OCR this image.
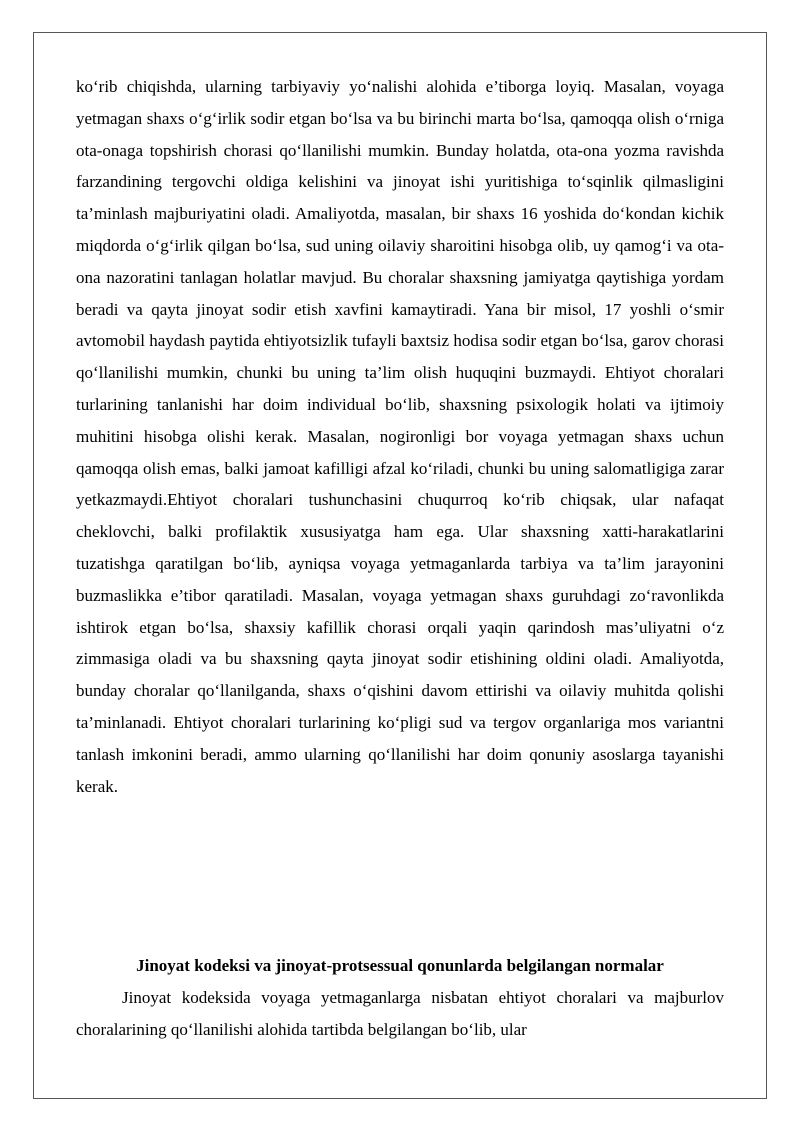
ko‘rib chiqishda, ularning tarbiyaviy yo‘nalishi alohida e’tiborga loyiq. Masalan, voyaga yetmagan shaxs o‘g‘irlik sodir etgan bo‘lsa va bu birinchi marta bo‘lsa, qamoqqa olish o‘rniga ota-onaga topshirish chorasi qo‘llanilishi mumkin. Bunday holatda, ota-ona yozma ravishda farzandining tergovchi oldiga kelishini va jinoyat ishi yuritishiga to‘sqinlik qilmasligini ta’minlash majburiyatini oladi. Amaliyotda, masalan, bir shaxs 16 yoshida do‘kondan kichik miqdorda o‘g‘irlik qilgan bo‘lsa, sud uning oilaviy sharoitini hisobga olib, uy qamog‘i va ota-ona nazoratini tanlagan holatlar mavjud. Bu choralar shaxsning jamiyatga qaytishiga yordam beradi va qayta jinoyat sodir etish xavfini kamaytiradi. Yana bir misol, 17 yoshli o‘smir avtomobil haydash paytida ehtiyotsizlik tufayli baxtsiz hodisa sodir etgan bo‘lsa, garov chorasi qo‘llanilishi mumkin, chunki bu uning ta’lim olish huquqini buzmaydi. Ehtiyot choralari turlarining tanlanishi har doim individual bo‘lib, shaxsning psixologik holati va ijtimoiy muhitini hisobga olishi kerak. Masalan, nogironligi bor voyaga yetmagan shaxs uchun qamoqqa olish emas, balki jamoat kafilligi afzal ko‘riladi, chunki bu uning salomatligiga zarar yetkazmaydi.Ehtiyot choralari tushunchasini chuqurroq ko‘rib chiqsak, ular nafaqat cheklovchi, balki profilaktik xususiyatga ham ega. Ular shaxsning xatti-harakatlarini tuzatishga qaratilgan bo‘lib, ayniqsa voyaga yetmaganlarda tarbiya va ta’lim jarayonini buzmaslikka e’tibor qaratiladi. Masalan, voyaga yetmagan shaxs guruhdagi zo‘ravonlikda ishtirok etgan bo‘lsa, shaxsiy kafillik chorasi orqali yaqin qarindosh mas’uliyatni o‘z zimmasiga oladi va bu shaxsning qayta jinoyat sodir etishining oldini oladi. Amaliyotda, bunday choralar qo‘llanilganda, shaxs o‘qishini davom ettirishi va oilaviy muhitda qolishi ta’minlanadi. Ehtiyot choralari turlarining ko‘pligi sud va tergov organlariga mos variantni tanlash imkonini beradi, ammo ularning qo‘llanilishi har doim qonuniy asoslarga tayanishi kerak.

Jinoyat kodeksi va jinoyat-protsessual qonunlarda belgilangan normalar

Jinoyat kodeksida voyaga yetmaganlarga nisbatan ehtiyot choralari va majburlov choralarining qo‘llanilishi alohida tartibda belgilangan bo‘lib, ular
